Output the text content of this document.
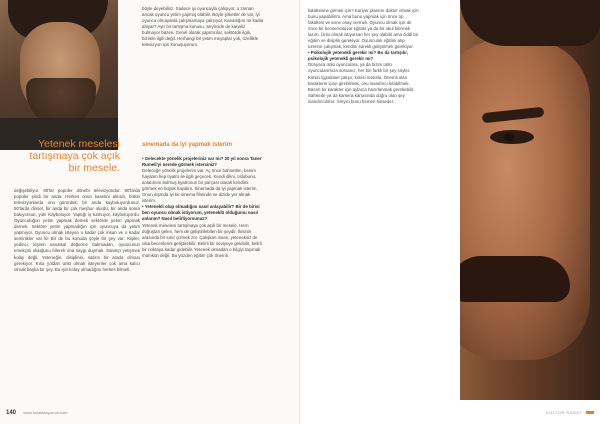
Yetenek meselesi tartışmaya çok açık bir mesele.

değişebiliyor. 90'lar popüler dönebi televizyondur. 90'larda popüler şiirdi bir anda. Herkes onun kasetini aktırdı, bütün televizyonlarda onu görürdük; bir anda kayboluyordunuz. 90'larda dinsel, bir anda bir çok meşhur olurdu; bir anda sonra bakıyorsun, yok! Kayboluyor. Yaptığı iş tutmuyor, kayboluyordu. Oyunculuğun yetim yapmak demek sektörde yetim yapmak demek. Sektöre yetim yapmadığın için oyuncuya da yetim yapmıyor. Oyuncu olmak isteyen o kadar çok insan ve o kadar seminikler var ki! Bir de bu konuda şöyle bir şey var: Kişiler, yedinci, kişinin sanatsal değerine bakmadan, oyuncunun emekçisi olduğunu bilerek ona saygı duymalı. Sanatçı yetişmek kolay değil. Yeteneğin, disiplinin, sabrın bir arada olması gerekiyor. Kısa yoldan ünlü olmak isteyenler çok ama kalıcı olmak başka bir şey. Bu işin kolay olmadığını herkes bilmeli.

böyle deyebiliriz. Sadece iyi oyuncuyla çalışıyor, o zaman ancak oyuncu yetim yapmış olabilir. Böyle şirketler de var, iyi oyuncu olmayanla çalışmamaya çalışıyor. Kanatlığım ne kadar ahiyar? Ayrı bir tartışma konusu. Seyircide de kanaliz bulmayor bazen. Genel olarak yapımcılar, sektörde ilgili, bizimle ilgili değil. Herhangi bir yetim meyaplar yok, özellikle televizyon için konuşuyorum.

sinemada da iyi yapmak isterim

• Gelecekte yönelik projeleriniz var mı? 20 yıl sonra Taner Rumeli'yi nerede görmek istersiniz?

Geleceğe yönelik projelerim var. Aç önce bahsettim, benim hayatım hep tiyatro ile ilgili geçecek. Kendi dilini, üslubunu, anlatımını bulmuş tiyatronun bir parçası olarak kendimi görmek en büyük hayalim. Sinemada da iyi yapmak isterim. Onun dışında iyi bir sinema filminde ve dizide yer almak isterim.

• Yetenekli olup olmadığını nasıl anlayabilir? Bir de birisi ben oyuncu olmak istiyorum, yeteneklü olduğumu nasıl anlarım? Nasıl belirliyorsunuz?

Yetenek meselesi tartışmaya çok açık bir mesele. Hem doğuştan gelen, hem de geliştirilebilen bir şeydir. İkisinin arasında bir sınır çizmek zor. Çalışkan insan, yeteneksiz de olsa becerilerini geliştirebilir. Belirli bir seviyeye gelebilir, belirli bir noktaya kadar gidebilir. Yetenek olmadan o bilgiyi taşımak mümkün değil. Bu yüzden eğitim çok önemli.

140 www.kulaktanyorum.com

fakültesine girmek için? Kariyer planımı doktor olmak için bunu yapabilirim. Ama bunu yapmak için önce tıp fakültesi ve anne onay vermeli. Oyuncu olmak için de önce bir konservatuvar eğitimi ya da bir okul bitirmek lazım. Ünlü olmak istiyorsan her şey olabilir ama ciddi bir eğitim ve disiplin gerekiyor. Oyunculuk eğitimi alıp üzerine çalışmak, kendini sürekli geliştirmek gerekiyor.

• Psikolojik yetenekli gerekir mi? Bu da tartışılır, psikolojik yetenekli gerekir mi?

Dünyaca ünlü oyunculara, ya da bizim ünlü oyuncularımıza sorsanız, her biri farklı bir şey söyler. Kimisi içgüdüsel çalışır, kimisi metotla. Önemli olan karakterin içine girebilmek, onu inandırıcı kılabilmek. Bazen bir karakter için aylarca hazırlanmak gerekebilir. Sahnede ya da kamera karşısında doğru olan şey inandırıcılıktır. İzleyici bunu hemen hisseder.

KÜLTÜR SANAT
